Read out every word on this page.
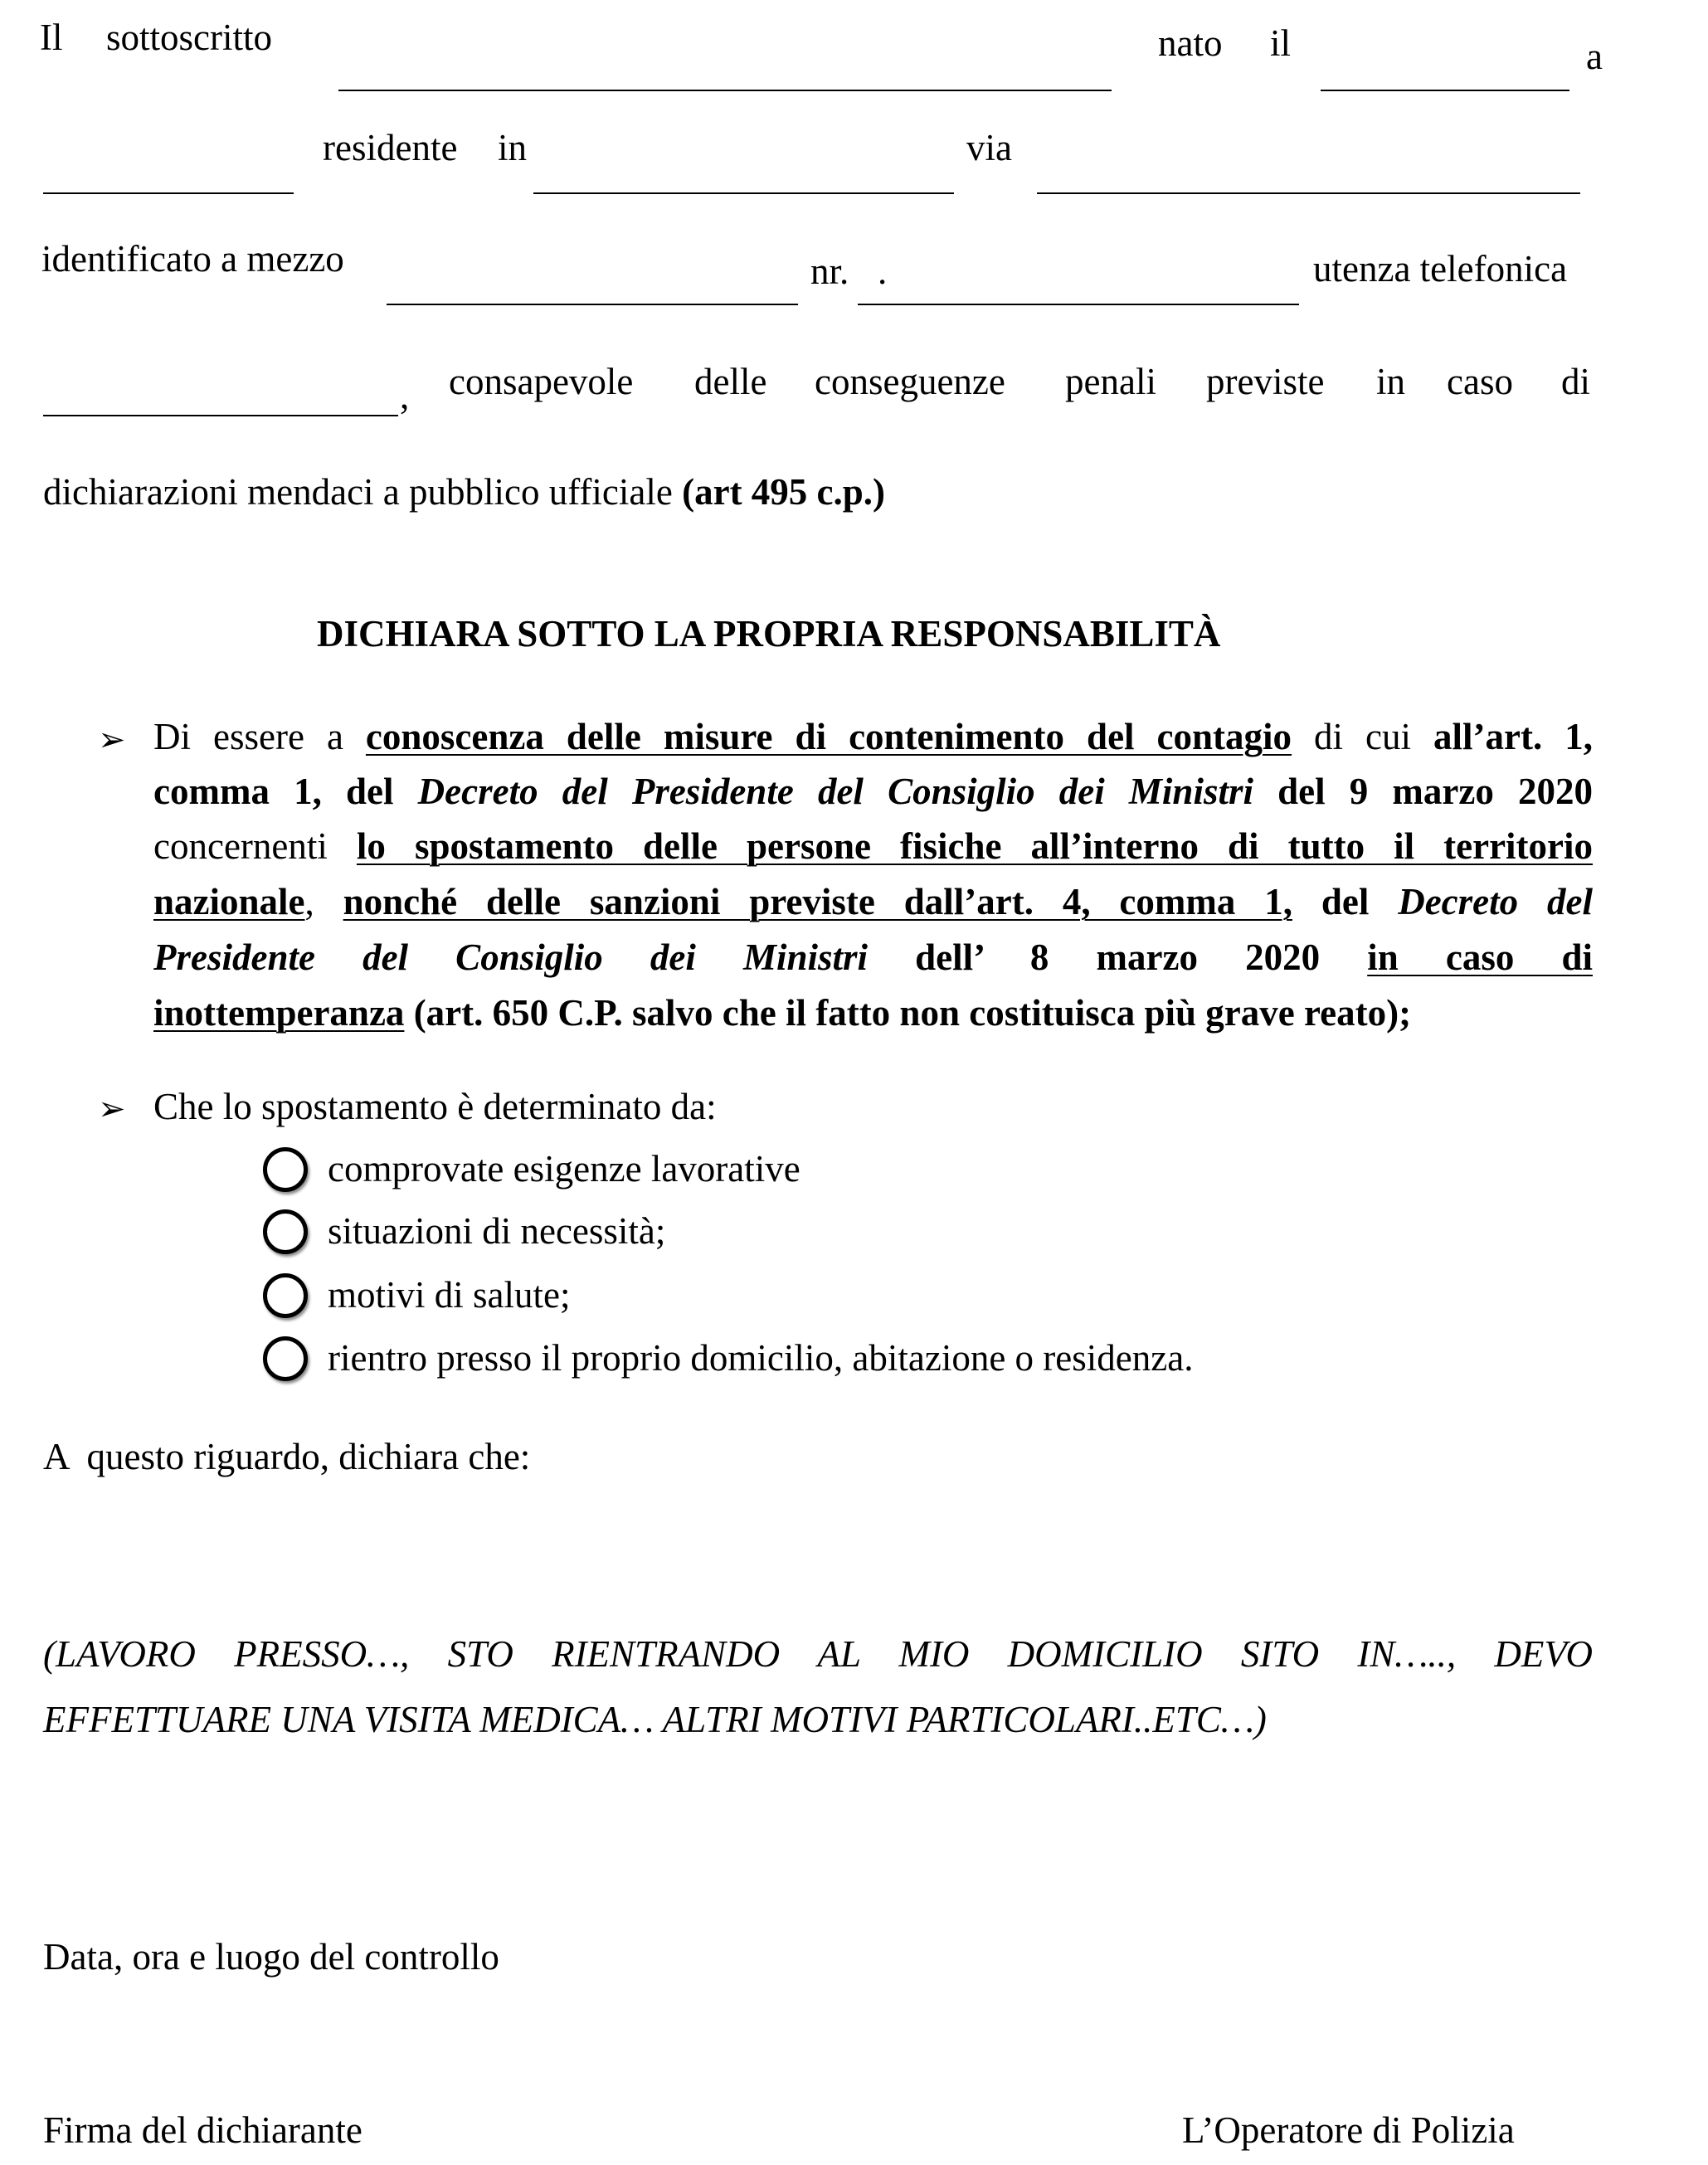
Il sottoscritto	nato il	a
residente in	via
identificato a mezzo	nr. .	utenza telefonica
, consapevole delle conseguenze penali previste in caso di
dichiarazioni mendaci a pubblico ufficiale (art 495 c.p.)
DICHIARA SOTTO LA PROPRIA RESPONSABILITÀ
➢ Di essere a conoscenza delle misure di contenimento del contagio di cui all’art. 1,
comma 1, del Decreto del Presidente del Consiglio dei Ministri del 9 marzo 2020
concernenti lo spostamento delle persone fisiche all’interno di tutto il territorio
nazionale, nonché delle sanzioni previste dall’art. 4, comma 1, del Decreto del
Presidente del Consiglio dei Ministri dell’ 8 marzo 2020 in caso di
inottemperanza (art. 650 C.P. salvo che il fatto non costituisca più grave reato);
➢ Che lo spostamento è determinato da:
comprovate esigenze lavorative
situazioni di necessità;
motivi di salute;
rientro presso il proprio domicilio, abitazione o residenza.
A  questo riguardo, dichiara che:
(LAVORO PRESSO…, STO RIENTRANDO AL MIO DOMICILIO SITO IN….., DEVO
EFFETTUARE UNA VISITA MEDICA… ALTRI MOTIVI PARTICOLARI..ETC…)
Data, ora e luogo del controllo
Firma del dichiarante	L’Operatore di Polizia
